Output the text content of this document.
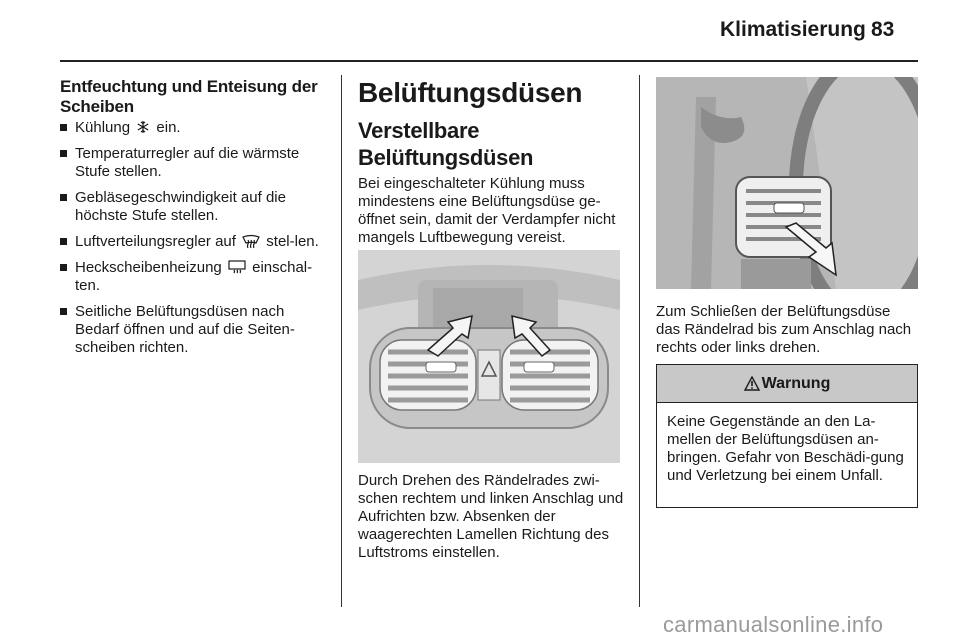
Klimatisierung 83
Entfeuchtung und Enteisung der Scheiben
Kühlung ein.
Temperaturregler auf die wärmste Stufe stellen.
Gebläsegeschwindigkeit auf die höchste Stufe stellen.
Luftverteilungsregler auf stel-len.
Heckscheibenheizung einschal-ten.
Seitliche Belüftungsdüsen nach Bedarf öffnen und auf die Seiten-scheiben richten.
Belüftungsdüsen
Verstellbare Belüftungsdüsen

Bei eingeschalteter Kühlung muss mindestens eine Belüftungsdüse ge-öffnet sein, damit der Verdampfer nicht mangels Luftbewegung vereist.

Durch Drehen des Rändelrades zwi-schen rechtem und linken Anschlag und Aufrichten bzw. Absenken der waagerechten Lamellen Richtung des Luftstroms einstellen.

Zum Schließen der Belüftungsdüse das Rändelrad bis zum Anschlag nach rechts oder links drehen.

Warnung
Keine Gegenstände an den La-mellen der Belüftungsdüsen an-bringen. Gefahr von Beschädi-gung und Verletzung bei einem Unfall.
carmanualsonline.info
